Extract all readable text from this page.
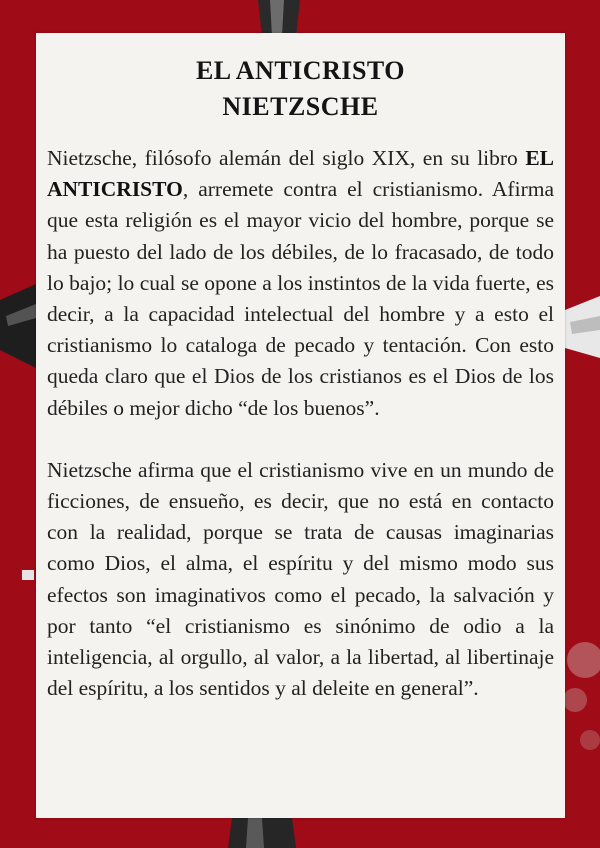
EL ANTICRISTO
NIETZSCHE

Nietzsche, filósofo alemán del siglo XIX, en su libro EL ANTICRISTO, arremete contra el cristianismo. Afirma que esta religión es el mayor vicio del hombre, porque se ha puesto del lado de los débiles, de lo fracasado, de todo lo bajo; lo cual se opone a los instintos de la vida fuerte, es decir, a la capacidad intelectual del hombre y a esto el cristianismo lo cataloga de pecado y tentación. Con esto queda claro que el Dios de los cristianos es el Dios de los débiles o mejor dicho “de los buenos”.

Nietzsche afirma que el cristianismo vive en un mundo de ficciones, de ensueño, es decir, que no está en contacto con la realidad, porque se trata de causas imaginarias como Dios, el alma, el espíritu y del mismo modo sus efectos son imaginativos como el pecado, la salvación y por tanto “el cristianismo es sinónimo de odio a la inteligencia, al orgullo, al valor, a la libertad, al libertinaje del espíritu, a los sentidos y al deleite en general”.
